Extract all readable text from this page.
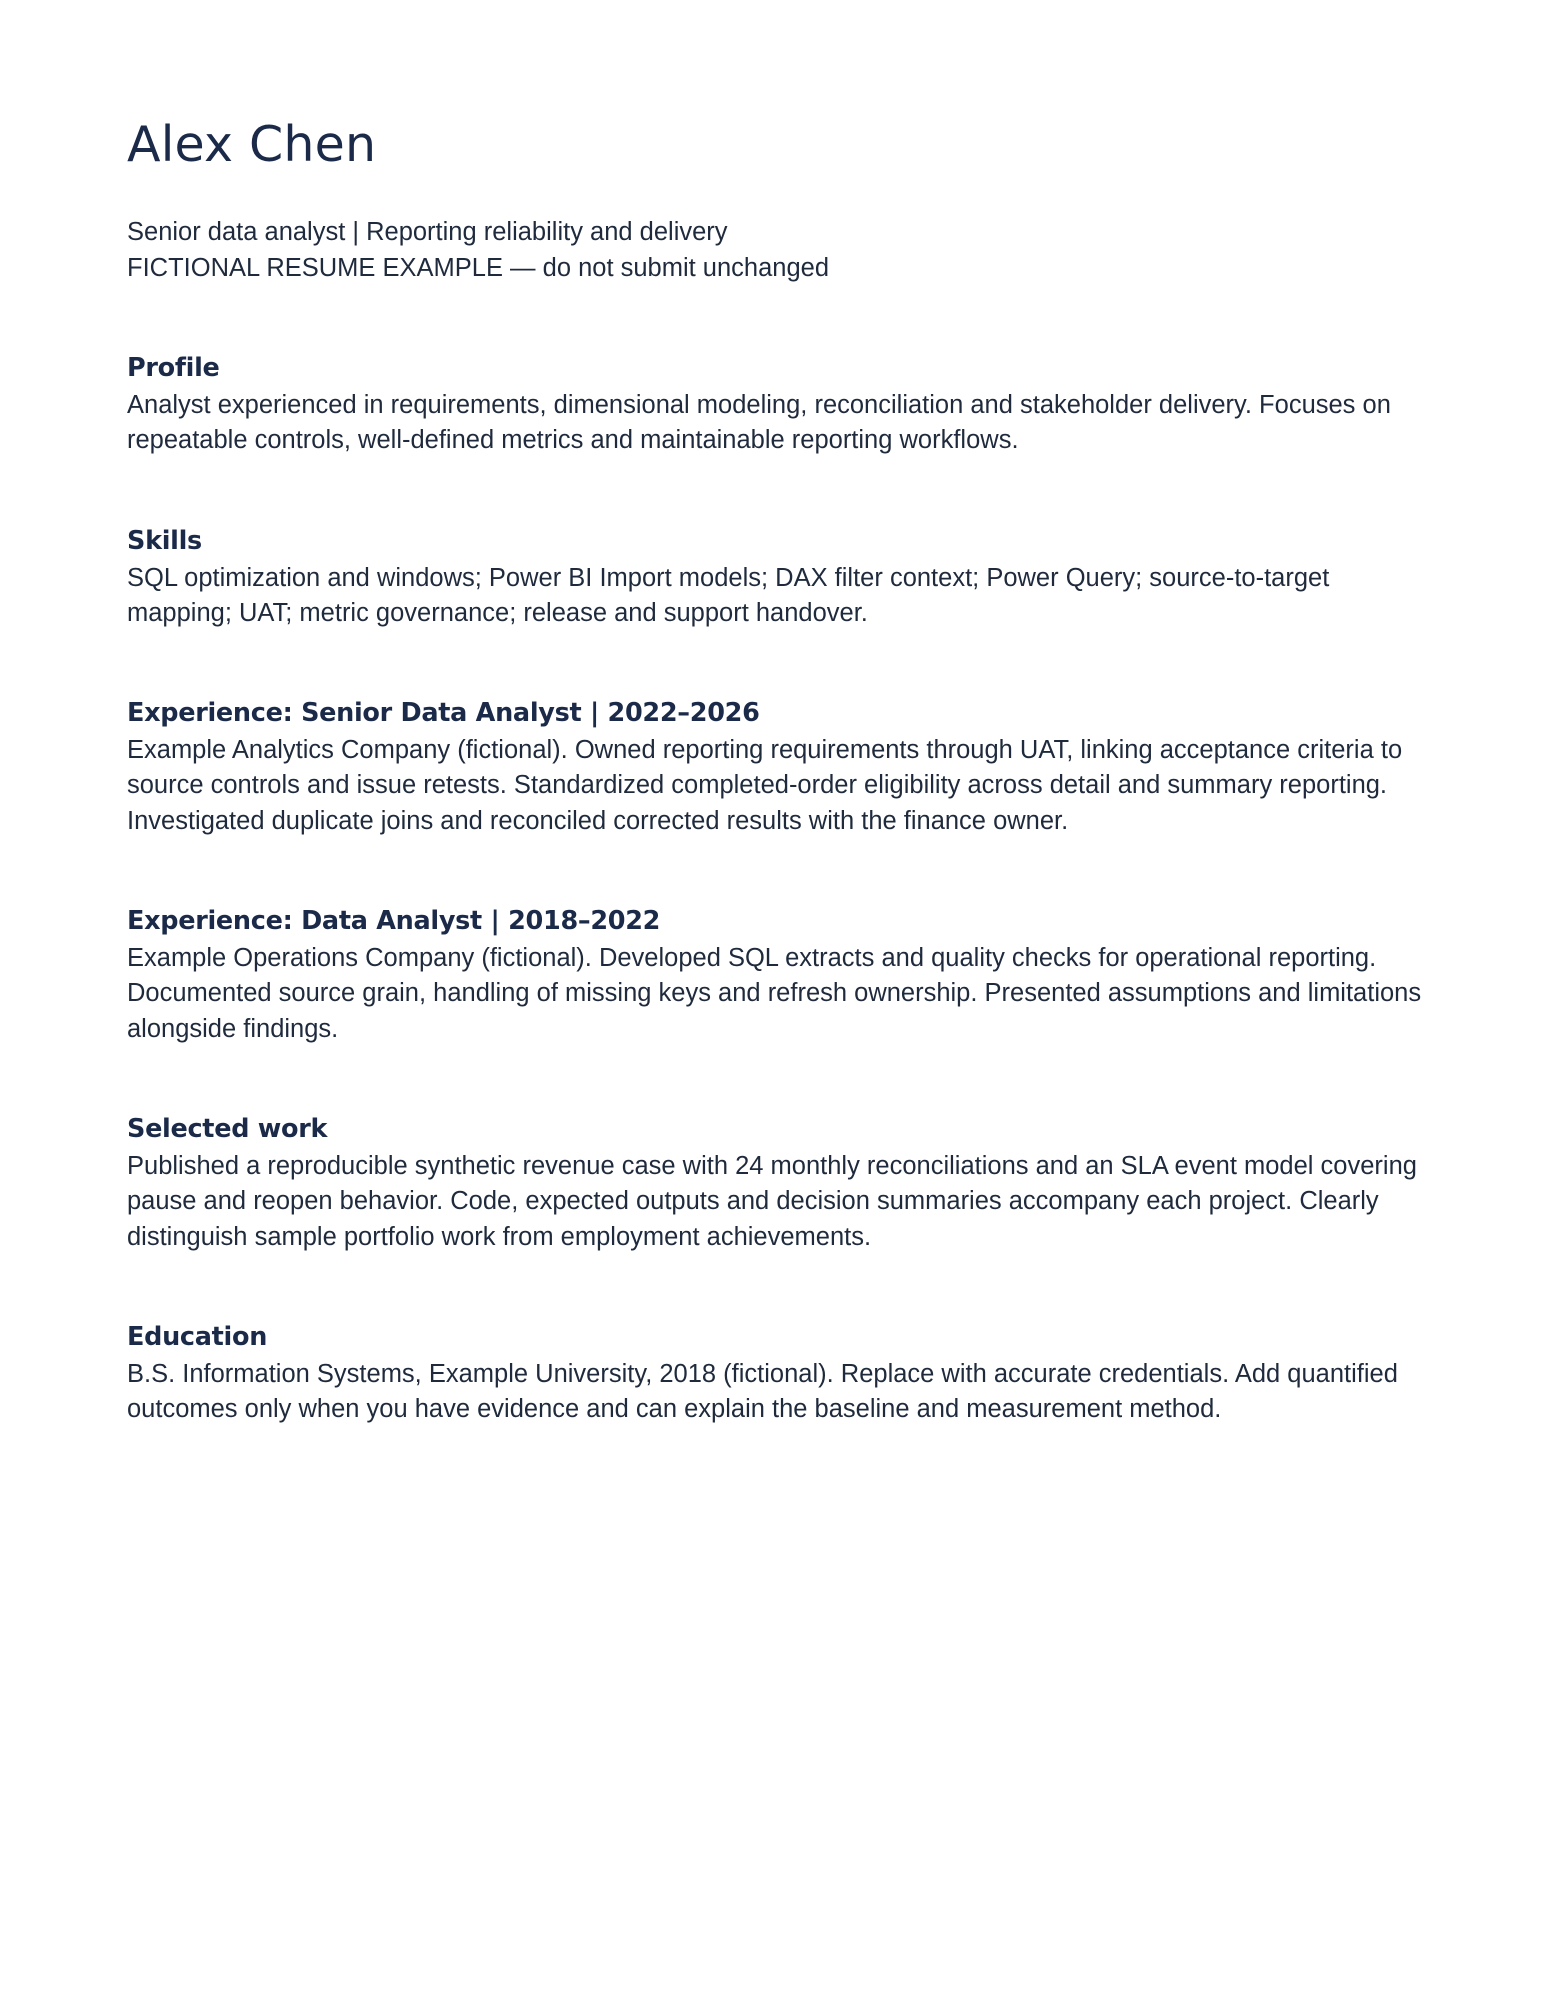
Alex Chen
Senior data analyst | Reporting reliability and delivery
FICTIONAL RESUME EXAMPLE — do not submit unchanged
Profile

Analyst experienced in requirements, dimensional modeling, reconciliation and stakeholder delivery. Focuses on repeatable controls, well-defined metrics and maintainable reporting workflows.

Skills

SQL optimization and windows; Power BI Import models; DAX filter context; Power Query; source-to-target mapping; UAT; metric governance; release and support handover.

Experience: Senior Data Analyst | 2022–2026

Example Analytics Company (fictional). Owned reporting requirements through UAT, linking acceptance criteria to source controls and issue retests. Standardized completed-order eligibility across detail and summary reporting. Investigated duplicate joins and reconciled corrected results with the finance owner.

Experience: Data Analyst | 2018–2022

Example Operations Company (fictional). Developed SQL extracts and quality checks for operational reporting. Documented source grain, handling of missing keys and refresh ownership. Presented assumptions and limitations alongside findings.

Selected work

Published a reproducible synthetic revenue case with 24 monthly reconciliations and an SLA event model covering pause and reopen behavior. Code, expected outputs and decision summaries accompany each project. Clearly distinguish sample portfolio work from employment achievements.

Education

B.S. Information Systems, Example University, 2018 (fictional). Replace with accurate credentials. Add quantified outcomes only when you have evidence and can explain the baseline and measurement method.
